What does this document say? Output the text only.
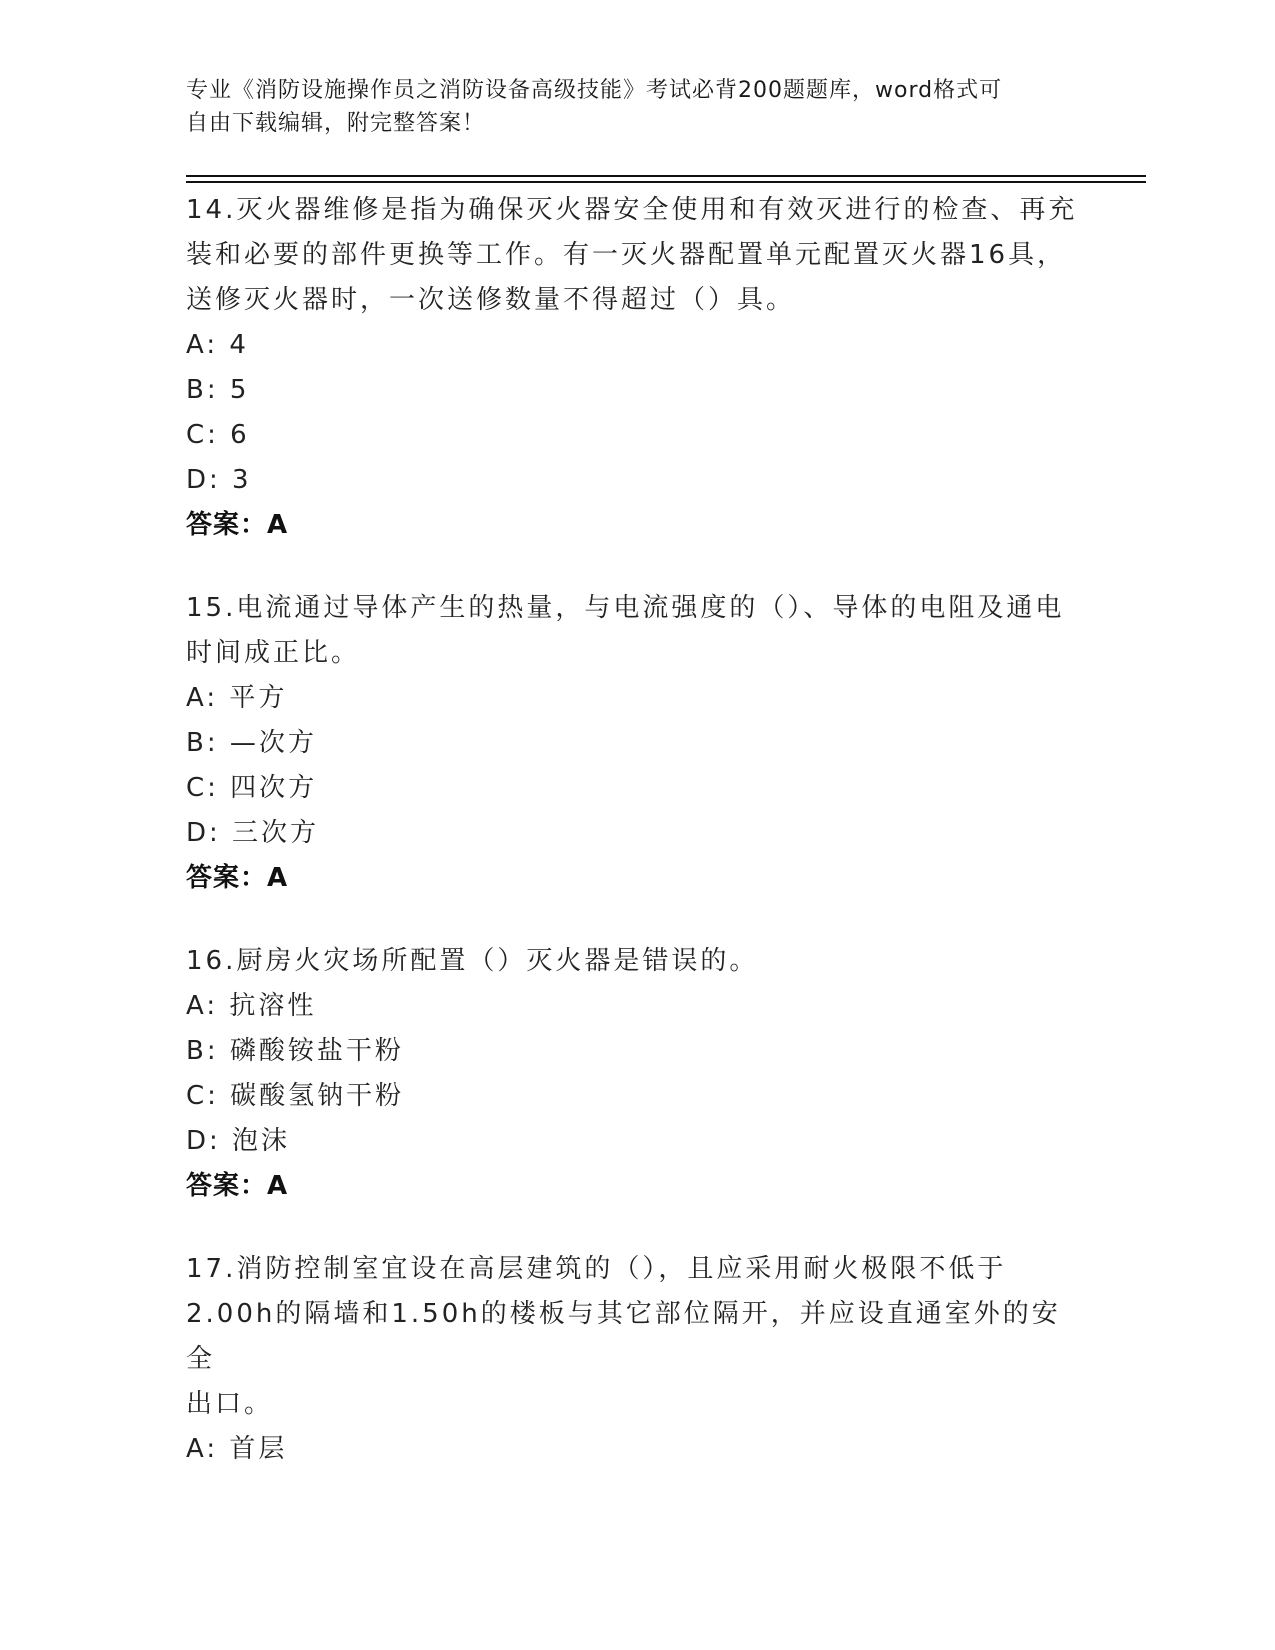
专业《消防设施操作员之消防设备高级技能》考试必背200题题库，word格式可
自由下载编辑，附完整答案！
14.灭火器维修是指为确保灭火器安全使用和有效灭进行的检查、再充
装和必要的部件更换等工作。有一灭火器配置单元配置灭火器16具，
送修灭火器时，一次送修数量不得超过（）具。
A: 4
B: 5
C: 6
D: 3
答案：A
15.电流通过导体产生的热量，与电流强度的（）、导体的电阻及通电
时间成正比。
A: 平方
B: —次方
C: 四次方
D: 三次方
答案：A
16.厨房火灾场所配置（）灭火器是错误的。
A: 抗溶性
B: 磷酸铵盐干粉
C: 碳酸氢钠干粉
D: 泡沫
答案：A
17.消防控制室宜设在高层建筑的（），且应采用耐火极限不低于
2.00h的隔墙和1.50h的楼板与其它部位隔开，并应设直通室外的安全
出口。
A: 首层
